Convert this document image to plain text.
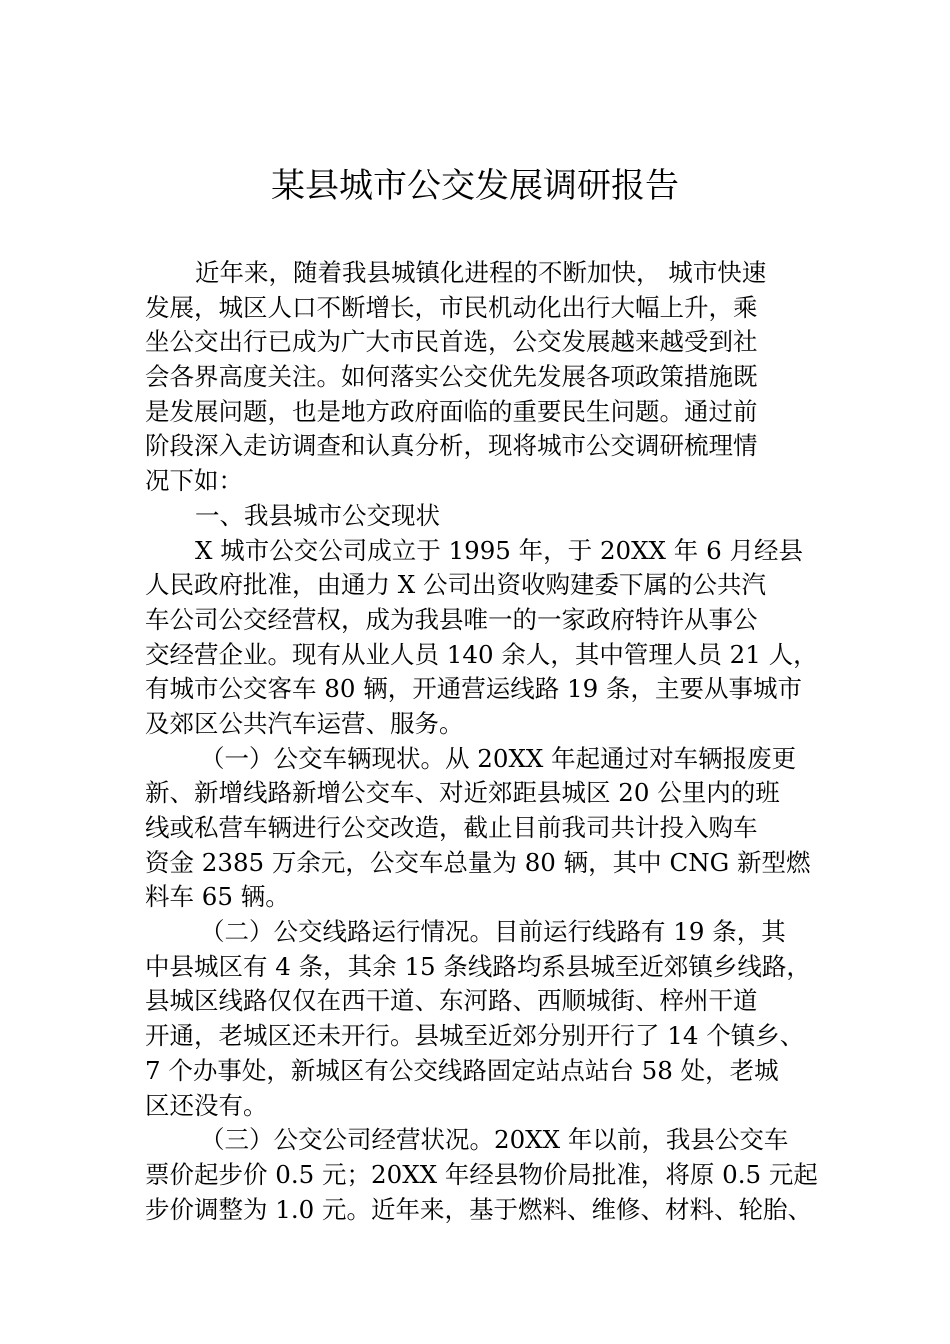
某县城市公交发展调研报告
近年来，随着我县城镇化进程的不断加快， 城市快速
发展，城区人口不断增长，市民机动化出行大幅上升，乘
坐公交出行已成为广大市民首选，公交发展越来越受到社
会各界高度关注。如何落实公交优先发展各项政策措施既
是发展问题，也是地方政府面临的重要民生问题。通过前
阶段深入走访调查和认真分析，现将城市公交调研梳理情
况下如：
一、我县城市公交现状
X 城市公交公司成立于 1995 年，于 20XX 年 6 月经县
人民政府批准，由通力 X 公司出资收购建委下属的公共汽
车公司公交经营权，成为我县唯一的一家政府特许从事公
交经营企业。现有从业人员 140 余人，其中管理人员 21 人，
有城市公交客车 80 辆，开通营运线路 19 条，主要从事城市
及郊区公共汽车运营、服务。
（一）公交车辆现状。从 20XX 年起通过对车辆报废更
新、新增线路新增公交车、对近郊距县城区 20 公里内的班
线或私营车辆进行公交改造，截止目前我司共计投入购车
资金 2385 万余元，公交车总量为 80 辆，其中 CNG 新型燃
料车 65 辆。
（二）公交线路运行情况。目前运行线路有 19 条，其
中县城区有 4 条，其余 15 条线路均系县城至近郊镇乡线路，
县城区线路仅仅在西干道、东河路、西顺城街、梓州干道
开通，老城区还未开行。县城至近郊分别开行了 14 个镇乡、
7 个办事处，新城区有公交线路固定站点站台 58 处，老城
区还没有。
（三）公交公司经营状况。20XX 年以前，我县公交车
票价起步价 0.5 元；20XX 年经县物价局批准，将原 0.5 元起
步价调整为 1.0 元。近年来，基于燃料、维修、材料、轮胎、
